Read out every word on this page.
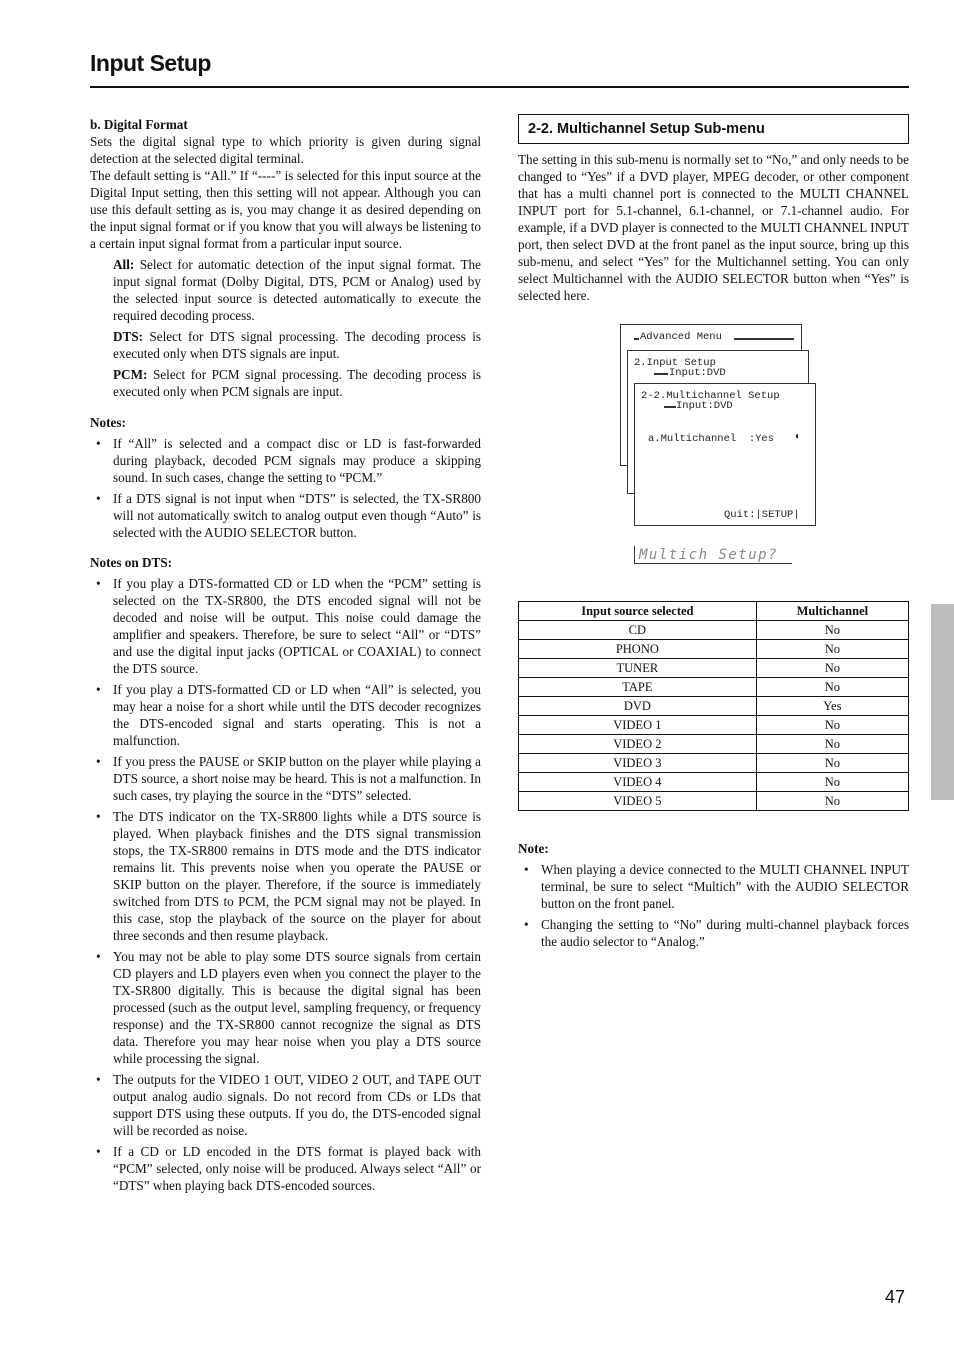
Input Setup

b. Digital Format

Sets the digital signal type to which priority is given during signal detection at the selected digital terminal.

The default setting is “All.” If “----” is selected for this input source at the Digital Input setting, then this setting will not appear. Although you can use this default setting as is, you may change it as desired depending on the input signal format or if you know that you will always be listening to a certain input signal format from a particular input source.

All: Select for automatic detection of the input signal format. The input signal format (Dolby Digital, DTS, PCM or Analog) used by the selected input source is detected automatically to execute the required decoding process.

DTS: Select for DTS signal processing. The decoding process is executed only when DTS signals are input.

PCM: Select for PCM signal processing. The decoding process is executed only when PCM signals are input.

Notes:

• If “All” is selected and a compact disc or LD is fast-forwarded during playback, decoded PCM signals may produce a skipping sound. In such cases, change the setting to “PCM.”
• If a DTS signal is not input when “DTS” is selected, the TX-SR800 will not automatically switch to analog output even though “Auto” is selected with the AUDIO SELECTOR button.

Notes on DTS:

• If you play a DTS-formatted CD or LD when the “PCM” setting is selected on the TX-SR800, the DTS encoded signal will not be decoded and noise will be output. This noise could damage the amplifier and speakers. Therefore, be sure to select “All” or “DTS” and use the digital input jacks (OPTICAL or COAXIAL) to connect the DTS source.
• If you play a DTS-formatted CD or LD when “All” is selected, you may hear a noise for a short while until the DTS decoder recognizes the DTS-encoded signal and starts operating. This is not a malfunction.
• If you press the PAUSE or SKIP button on the player while playing a DTS source, a short noise may be heard. This is not a malfunction. In such cases, try playing the source in the “DTS” selected.
• The DTS indicator on the TX-SR800 lights while a DTS source is played. When playback finishes and the DTS signal transmission stops, the TX-SR800 remains in DTS mode and the DTS indicator remains lit. This prevents noise when you operate the PAUSE or SKIP button on the player. Therefore, if the source is immediately switched from DTS to PCM, the PCM signal may not be played. In this case, stop the playback of the source on the player for about three seconds and then resume playback.
• You may not be able to play some DTS source signals from certain CD players and LD players even when you connect the player to the TX-SR800 digitally. This is because the digital signal has been processed (such as the output level, sampling frequency, or frequency response) and the TX-SR800 cannot recognize the signal as DTS data. Therefore you may hear noise when you play a DTS source while processing the signal.
• The outputs for the VIDEO 1 OUT, VIDEO 2 OUT, and TAPE OUT output analog audio signals. Do not record from CDs or LDs that support DTS using these outputs. If you do, the DTS-encoded signal will be recorded as noise.
• If a CD or LD encoded in the DTS format is played back with “PCM” selected, only noise will be produced. Always select “All” or “DTS” when playing back DTS-encoded sources.
2-2. Multichannel Setup Sub-menu

The setting in this sub-menu is normally set to “No,” and only needs to be changed to “Yes” if a DVD player, MPEG decoder, or other component that has a multi channel port is connected to the MULTI CHANNEL INPUT port for 5.1-channel, 6.1-channel, or 7.1-channel audio. For example, if a DVD player is connected to the MULTI CHANNEL INPUT port, then select DVD at the front panel as the input source, bring up this sub-menu, and select “Yes” for the Multichannel setting. You can only select Multichannel with the AUDIO SELECTOR button when “Yes” is selected here.

Advanced Menu
2.Input Setup
Input:DVD
2-2.Multichannel Setup
Input:DVD
a.Multichannel  :Yes ◐
Quit:|SETUP|
Multich Setup?
Input source selected	Multichannel
CD	No
PHONO	No
TUNER	No
TAPE	No
DVD	Yes
VIDEO 1	No
VIDEO 2	No
VIDEO 3	No
VIDEO 4	No
VIDEO 5	No

Note:

• When playing a device connected to the MULTI CHANNEL INPUT terminal, be sure to select “Multich” with the AUDIO SELECTOR button on the front panel.
• Changing the setting to “No” during multi-channel playback forces the audio selector to “Analog.”
47
